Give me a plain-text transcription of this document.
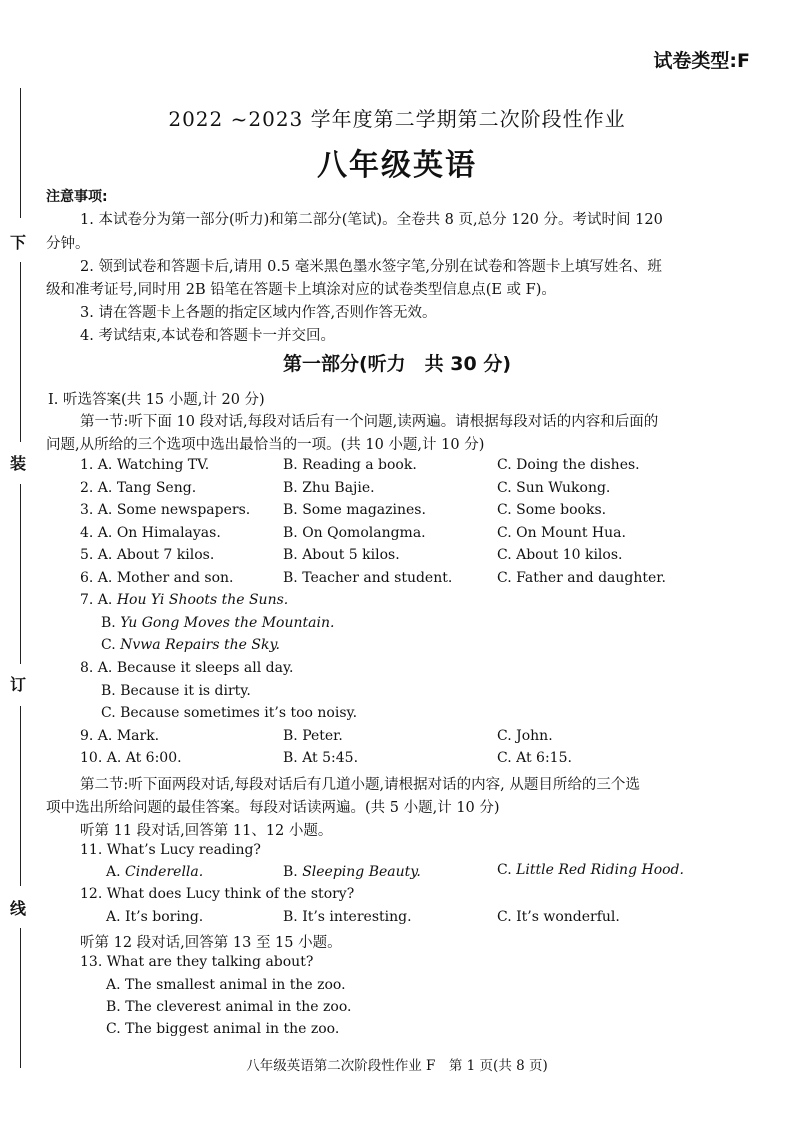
试卷类型:F
2022 ~2023 学年度第二学期第二次阶段性作业
八年级英语
下
装
订
线
注意事项:
1. 本试卷分为第一部分(听力)和第二部分(笔试)。全卷共 8 页,总分 120 分。考试时间 120
分钟。
2. 领到试卷和答题卡后,请用 0.5 毫米黑色墨水签字笔,分别在试卷和答题卡上填写姓名、班
级和准考证号,同时用 2B 铅笔在答题卡上填涂对应的试卷类型信息点(E 或 F)。
3. 请在答题卡上各题的指定区域内作答,否则作答无效。
4. 考试结束,本试卷和答题卡一并交回。
第一部分(听力　共 30 分)
Ⅰ. 听选答案(共 15 小题,计 20 分)
第一节:听下面 10 段对话,每段对话后有一个问题,读两遍。请根据每段对话的内容和后面的
问题,从所给的三个选项中选出最恰当的一项。(共 10 小题,计 10 分)
1. A. Watching TV.	B. Reading a book.	C. Doing the dishes.
2. A. Tang Seng.	B. Zhu Bajie.	C. Sun Wukong.
3. A. Some newspapers. B. Some magazines.	C. Some books.
4. A. On Himalayas.	B. On Qomolangma.	C. On Mount Hua.
5. A. About 7 kilos.	B. About 5 kilos.	C. About 10 kilos.
6. A. Mother and son.	B. Teacher and student.	C. Father and daughter.
7. A. Hou Yi Shoots the Suns.
B. Yu Gong Moves the Mountain.
C. Nvwa Repairs the Sky.
8. A. Because it sleeps all day.
B. Because it is dirty.
C. Because sometimes it’s too noisy.
9. A. Mark.	B. Peter.	C. John.
10. A. At 6:00.	B. At 5:45.	C. At 6:15.
第二节:听下面两段对话,每段对话后有几道小题,请根据对话的内容, 从题目所给的三个选
项中选出所给问题的最佳答案。每段对话读两遍。(共 5 小题,计 10 分)
听第 11 段对话,回答第 11、12 小题。
11. What’s Lucy reading?
A. Cinderella.	B. Sleeping Beauty.	C. Little Red Riding Hood.
12. What does Lucy think of the story?
A. It’s boring.	B. It’s interesting.	C. It’s wonderful.
听第 12 段对话,回答第 13 至 15 小题。
13. What are they talking about?
A. The smallest animal in the zoo.
B. The cleverest animal in the zoo.
C. The biggest animal in the zoo.
八年级英语第二次阶段性作业 F　第 1 页(共 8 页)
